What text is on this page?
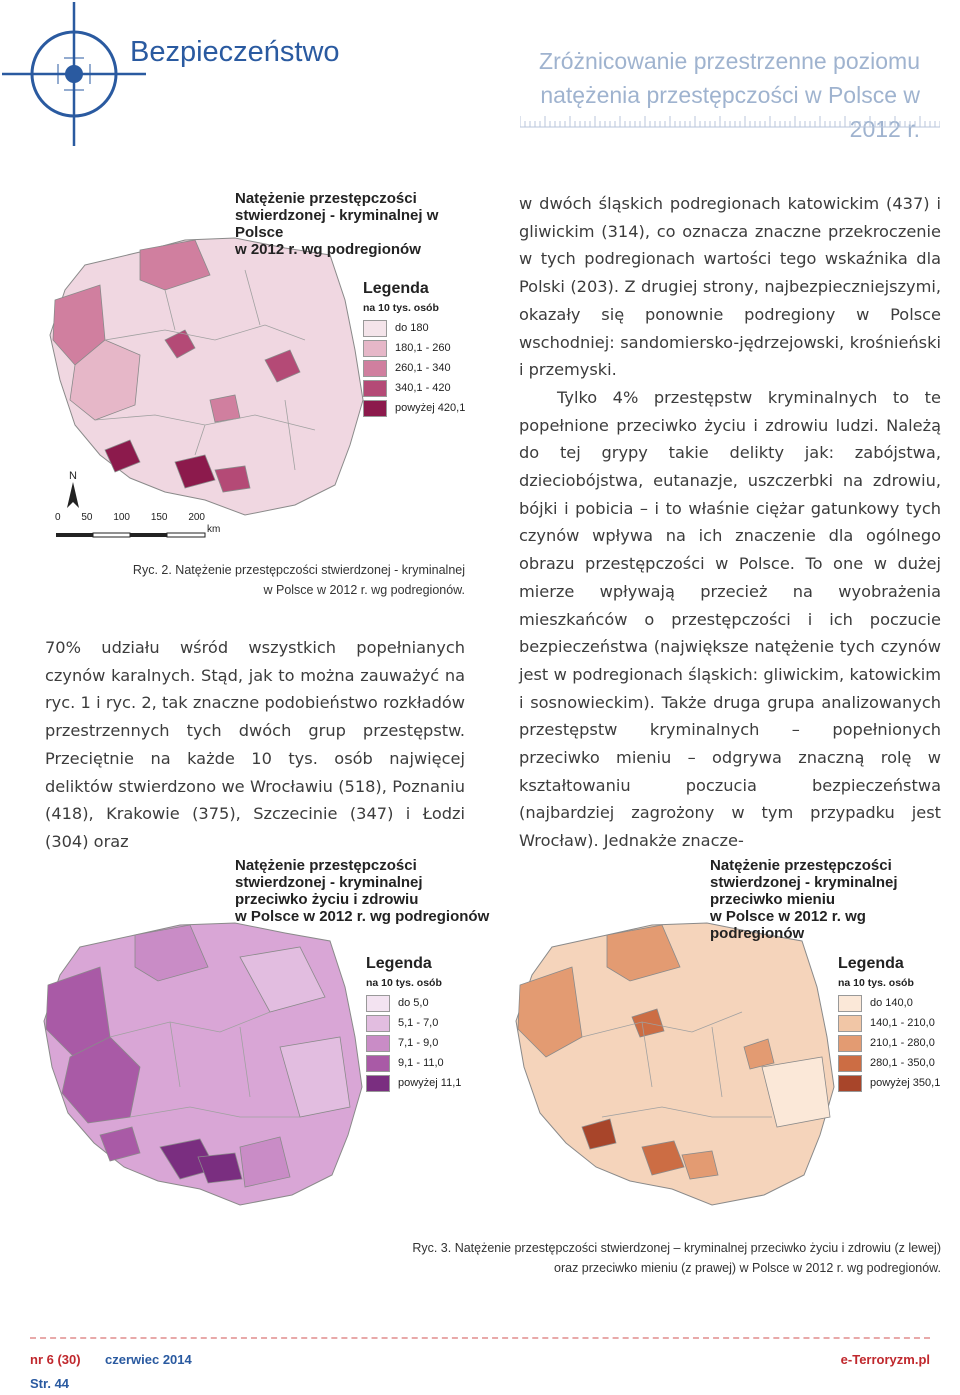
Bezpieczeństwo	Zróżnicowanie przestrzenne poziomu
natężenia przestępczości w Polsce w 2012 r.
Natężenie przestępczości
stwierdzonej - kryminalnej w Polsce
w 2012 r. wg podregionów
Legenda
na 10 tys. osób
do 180
180,1 - 260
260,1 - 340
340,1 - 420
powyżej 420,1
N
0 50 100 150 200
km
Ryc. 2. Natężenie przestępczości stwierdzonej - kryminalnej
w Polsce w 2012 r. wg podregionów.

70% udziału wśród wszystkich popełnianych czynów karalnych. Stąd, jak to można zauważyć na ryc. 1 i ryc. 2, tak znaczne podobieństwo rozkładów przestrzennych tych dwóch grup przestępstw. Przeciętnie na każde 10 tys. osób najwięcej deliktów stwierdzono we Wrocławiu (518), Poznaniu (418), Krakowie (375), Szczecinie (347) i Łodzi (304) oraz

w dwóch śląskich podregionach katowickim (437) i gliwickim (314), co oznacza znaczne przekroczenie w tych podregionach wartości tego wskaźnika dla Polski (203). Z drugiej strony, najbezpieczniejszymi, okazały się ponownie podregiony w Polsce wschodniej: sandomiersko-jędrzejowski, krośnieński i przemyski.

Tylko 4% przestępstw kryminalnych to te popełnione przeciwko życiu i zdrowiu ludzi. Należą do tej grypy takie delikty jak: zabójstwa, dzieciobójstwa, eutanazje, uszczerbki na zdrowiu, bójki i pobicia – i to właśnie ciężar gatunkowy tych czynów wpływa na ich znaczenie dla ogólnego obrazu przestępczości w Polsce. To one w dużej mierze wpływają przecież na wyobrażenia mieszkańców o przestępczości i ich poczucie bezpieczeństwa (największe natężenie tych czynów jest w podregionach śląskich: gliwickim, katowickim i sosnowieckim). Także druga grupa analizowanych przestępstw kryminalnych – popełnionych przeciwko mieniu – odgrywa znaczną rolę w kształtowaniu poczucia bezpieczeństwa (najbardziej zagrożony w tym przypadku jest Wrocław). Jednakże znacze-

Natężenie przestępczości
stwierdzonej - kryminalnej
przeciwko życiu i zdrowiu
w Polsce w 2012 r. wg podregionów
Legenda
na 10 tys. osób
do 5,0
5,1 - 7,0
7,1 - 9,0
9,1 - 11,0
powyżej 11,1
Natężenie przestępczości
stwierdzonej - kryminalnej
przeciwko mieniu
w Polsce w 2012 r. wg podregionów
Legenda
na 10 tys. osób
do 140,0
140,1 - 210,0
210,1 - 280,0
280,1 - 350,0
powyżej 350,1
Ryc. 3. Natężenie przestępczości stwierdzonej – kryminalnej przeciwko życiu i zdrowiu (z lewej)
oraz przeciwko mieniu (z prawej) w Polsce w 2012 r. wg podregionów.
nr 6 (30) czerwiec 2014	e-Terroryzm.pl
Str. 44
